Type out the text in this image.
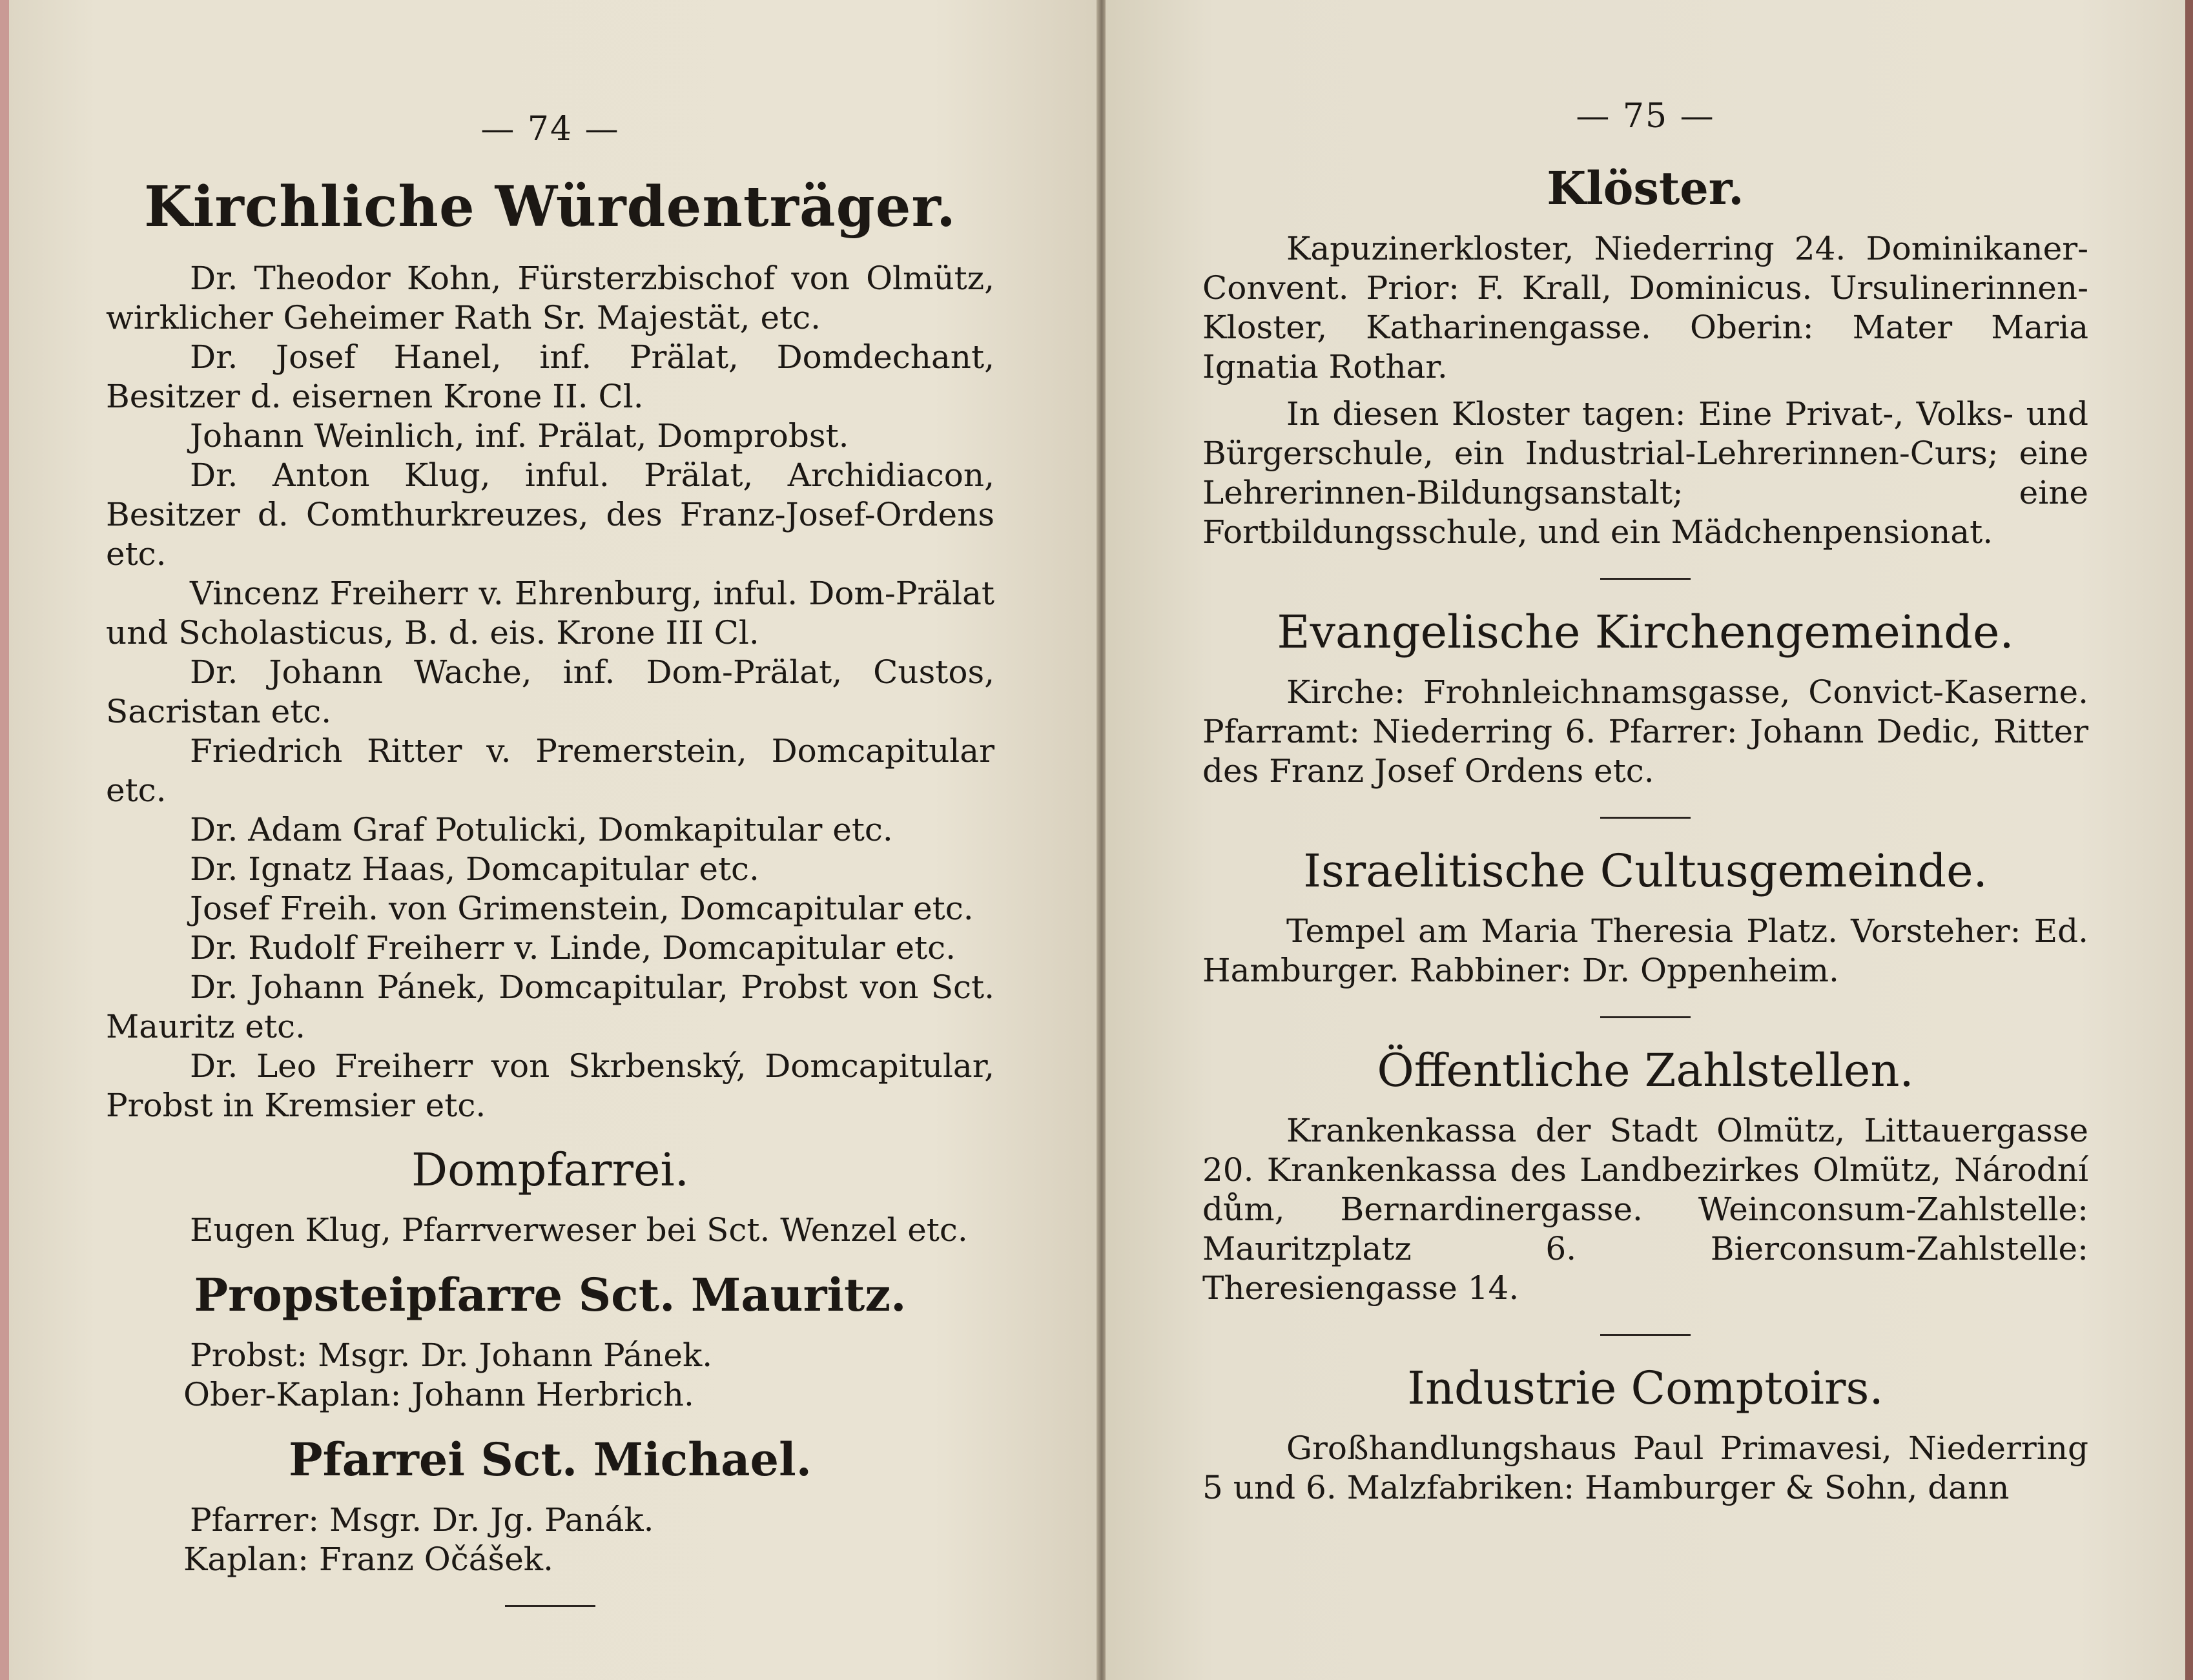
— 74 —
Kirchliche Würdenträger.

Dr. Theodor Kohn, Fürsterzbischof von Olmütz, wirklicher Geheimer Rath Sr. Majestät, etc.

Dr. Josef Hanel, inf. Prälat, Domdechant, Besitzer d. eisernen Krone II. Cl.

Johann Weinlich, inf. Prälat, Domprobst.

Dr. Anton Klug, inful. Prälat, Archidiacon, Besitzer d. Comthurkreuzes, des Franz-Josef-Ordens etc.

Vincenz Freiherr v. Ehrenburg, inful. Dom-Prälat und Scholasticus, B. d. eis. Krone III Cl.

Dr. Johann Wache, inf. Dom-Prälat, Custos, Sacristan etc.

Friedrich Ritter v. Premerstein, Domcapitular etc.

Dr. Adam Graf Potulicki, Domkapitular etc.

Dr. Ignatz Haas, Domcapitular etc.

Josef Freih. von Grimenstein, Domcapitular etc.

Dr. Rudolf Freiherr v. Linde, Domcapitular etc.

Dr. Johann Pánek, Domcapitular, Probst von Sct. Mauritz etc.

Dr. Leo Freiherr von Skrbenský, Domcapitular, Probst in Kremsier etc.

Dompfarrei.

Eugen Klug, Pfarrverweser bei Sct. Wenzel etc.

Propsteipfarre Sct. Mauritz.
Probst: Msgr. Dr. Johann Pánek.
Ober-Kaplan: Johann Herbrich.
Pfarrei Sct. Michael.
Pfarrer: Msgr. Dr. Jg. Panák.
Kaplan: Franz Očášek.
— 75 —
Klöster.

Kapuzinerkloster, Niederring 24. Dominikaner-Convent. Prior: F. Krall, Dominicus. Ursulinerinnen-Kloster, Katharinengasse. Oberin: Mater Maria Ignatia Rothar.

In diesen Kloster tagen: Eine Privat-, Volks- und Bürgerschule, ein Industrial-Lehrerinnen-Curs; eine Lehrerinnen-Bildungsanstalt; eine Fortbildungsschule, und ein Mädchenpensionat.

Evangelische Kirchengemeinde.

Kirche: Frohnleichnamsgasse, Convict-Kaserne. Pfarramt: Niederring 6. Pfarrer: Johann Dedic, Ritter des Franz Josef Ordens etc.

Israelitische Cultusgemeinde.

Tempel am Maria Theresia Platz. Vorsteher: Ed. Hamburger. Rabbiner: Dr. Oppenheim.

Öffentliche Zahlstellen.

Krankenkassa der Stadt Olmütz, Littauergasse 20. Krankenkassa des Landbezirkes Olmütz, Národní dům, Bernardinergasse. Weinconsum-Zahlstelle: Mauritzplatz 6. Bierconsum-Zahlstelle: Theresiengasse 14.

Industrie Comptoirs.

Großhandlungshaus Paul Primavesi, Niederring 5 und 6. Malzfabriken: Hamburger & Sohn, dann
